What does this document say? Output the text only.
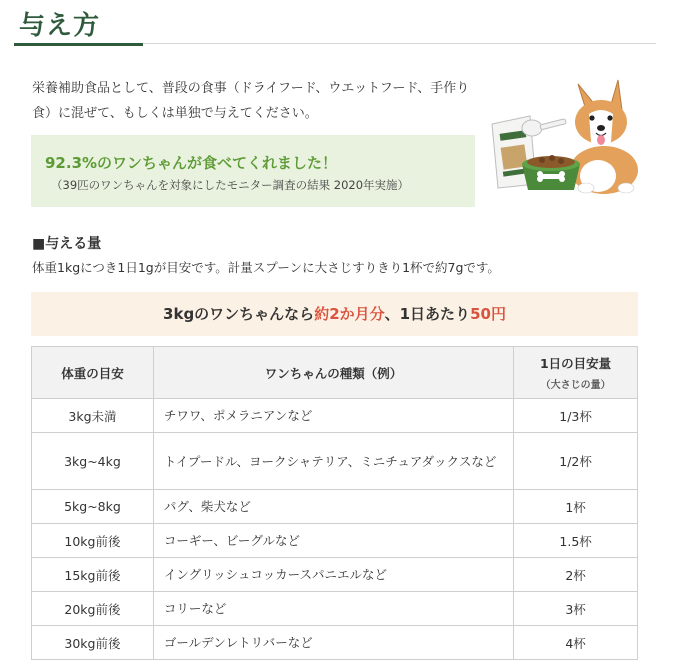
与え方

栄養補助食品として、普段の食事（ドライフード、ウエットフード、手作り食）に混ぜて、もしくは単独で与えてください。

92.3%のワンちゃんが食べてくれました！
（39匹のワンちゃんを対象にしたモニター調査の結果 2020年実施）
■与える量
体重1kgにつき1日1gが目安です。計量スプーンに大さじすりきり1杯で約7gです。
3kgのワンちゃんなら約2か月分、1日あたり50円
体重の目安	ワンちゃんの種類（例）	1日の目安量
（大さじの量）

3kg未満	チワワ、ポメラニアンなど	1/3杯
3kg~4kg	トイプードル、ヨークシャテリア、ミニチュアダックスなど	1/2杯
5kg~8kg	パグ、柴犬など	1杯
10kg前後	コーギー、ビーグルなど	1.5杯
15kg前後	イングリッシュコッカースパニエルなど	2杯
20kg前後	コリーなど	3杯
30kg前後	ゴールデンレトリバーなど	4杯
